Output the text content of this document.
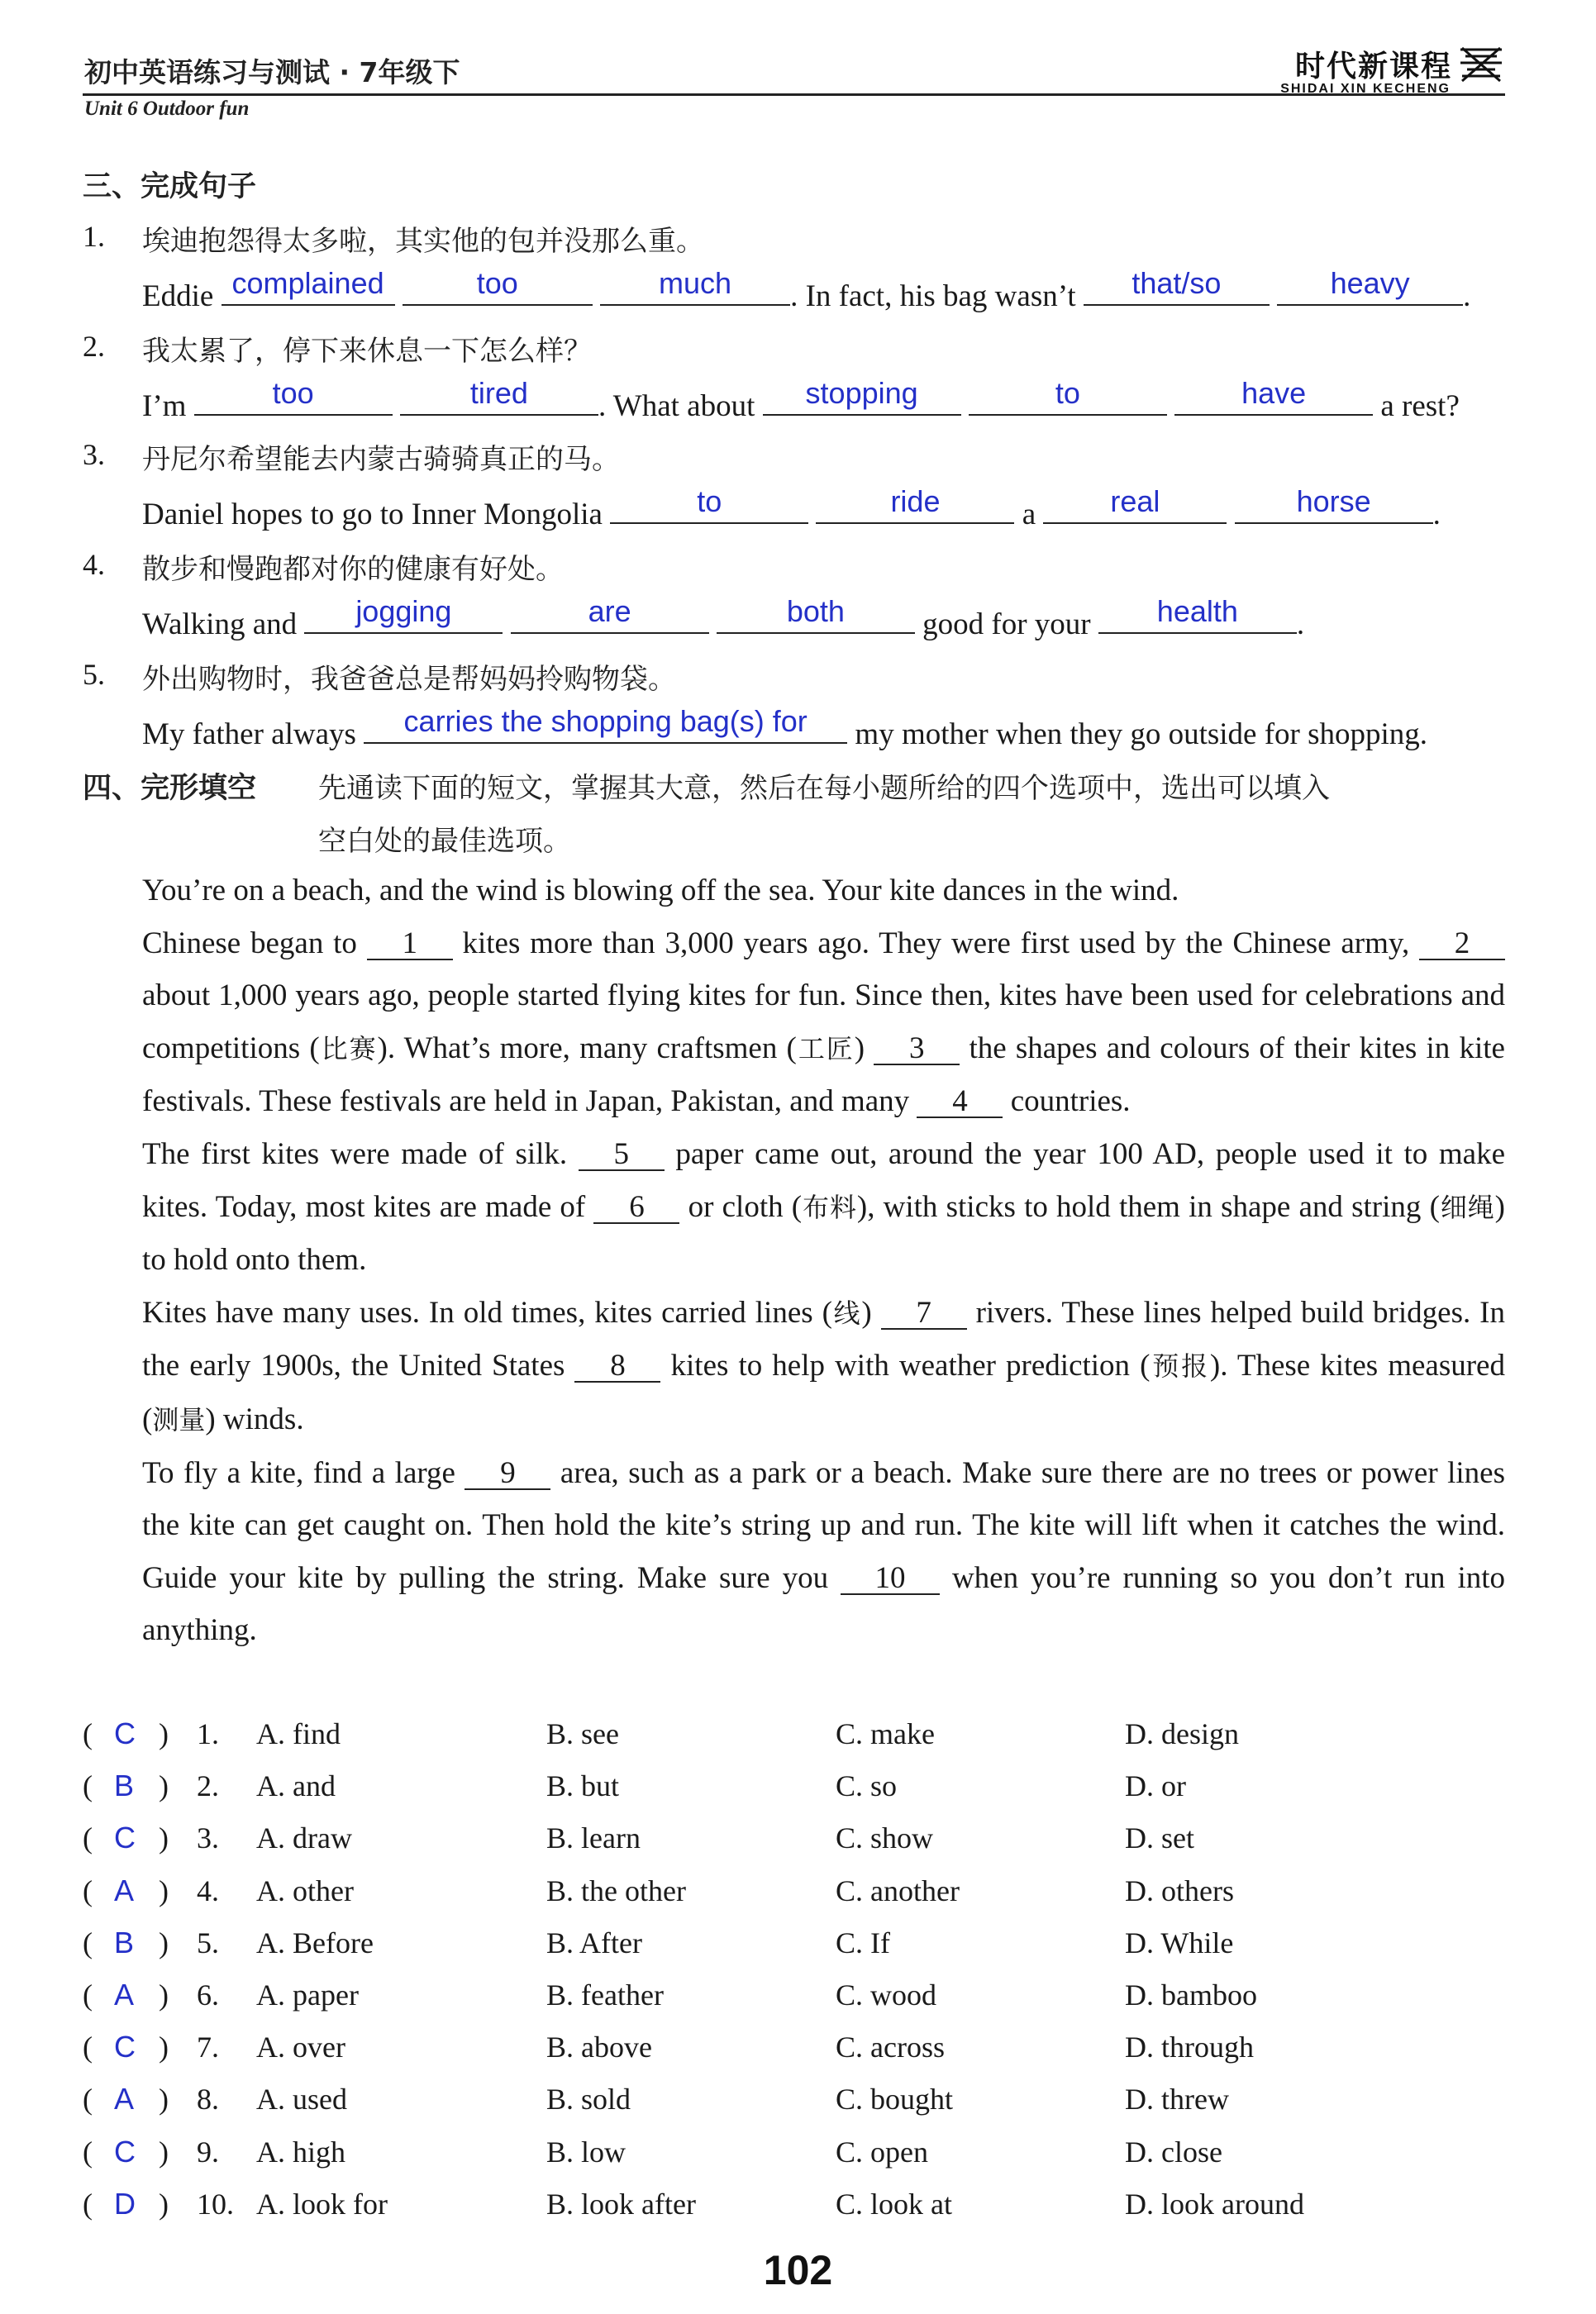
初中英语练习与测试 · 7年级下
Unit 6 Outdoor fun
时代新课程
SHIDAI XIN KECHENG
三、完成句子
1. 埃迪抱怨得太多啦，其实他的包并没那么重。
Eddie complained
	too
	much	. In fact, his bag wasn’t	that/so
	heavy	.
2. 我太累了，停下来休息一下怎么样？
I’m	too
	tired	. What about	stopping
	to
	have	a rest?
3. 丹尼尔希望能去内蒙古骑骑真正的马。
Daniel hopes to go to Inner Mongolia	to
	ride	a	real
	horse	.
4. 散步和慢跑都对你的健康有好处。
Walking and	jogging
	are
	both	good for your	health	.
5. 外出购物时，我爸爸总是帮妈妈拎购物袋。
My father always	carries the shopping bag(s) for	my mother when they go outside for shopping.
四、完形填空 先通读下面的短文，掌握其大意，然后在每小题所给的四个选项中，选出可以填入
空白处的最佳选项。
You’re on a beach, and the wind is blowing off the sea. Your kite dances in the wind.
Chinese began to 1 kites more than 3,000 years ago. They were first used by the Chinese army, 2 about 1,000 years ago, people started flying kites for fun. Since then, kites have been used for celebrations and competitions (比赛). What’s more, many craftsmen (工匠) 3 the shapes and colours of their kites in kite festivals. These festivals are held in Japan, Pakistan, and many 4 countries.
The first kites were made of silk. 5 paper came out, around the year 100 AD, people used it to make kites. Today, most kites are made of 6 or cloth (布料), with sticks to hold them in shape and string (细绳) to hold onto them.
Kites have many uses. In old times, kites carried lines (线) 7 rivers. These lines helped build bridges. In the early 1900s, the United States 8 kites to help with weather prediction (预报). These kites measured (测量) winds.
To fly a kite, find a large 9 area, such as a park or a beach. Make sure there are no trees or power lines the kite can get caught on. Then hold the kite’s string up and run. The kite will lift when it catches the wind. Guide your kite by pulling the string. Make sure you 10 when you’re running so you don’t run into anything.
( C ) 1. A. find	B. see	C. make	D. design
( B ) 2. A. and	B. but	C. so	D. or
( C ) 3. A. draw	B. learn	C. show	D. set
( A ) 4. A. other	B. the other	C. another	D. others
( B ) 5. A. Before	B. After	C. If	D. While
( A ) 6. A. paper	B. feather	C. wood	D. bamboo
( C ) 7. A. over	B. above	C. across	D. through
( A ) 8. A. used	B. sold	C. bought	D. threw
( C ) 9. A. high	B. low	C. open	D. close
( D ) 10. A. look for	B. look after	C. look at	D. look around
102
